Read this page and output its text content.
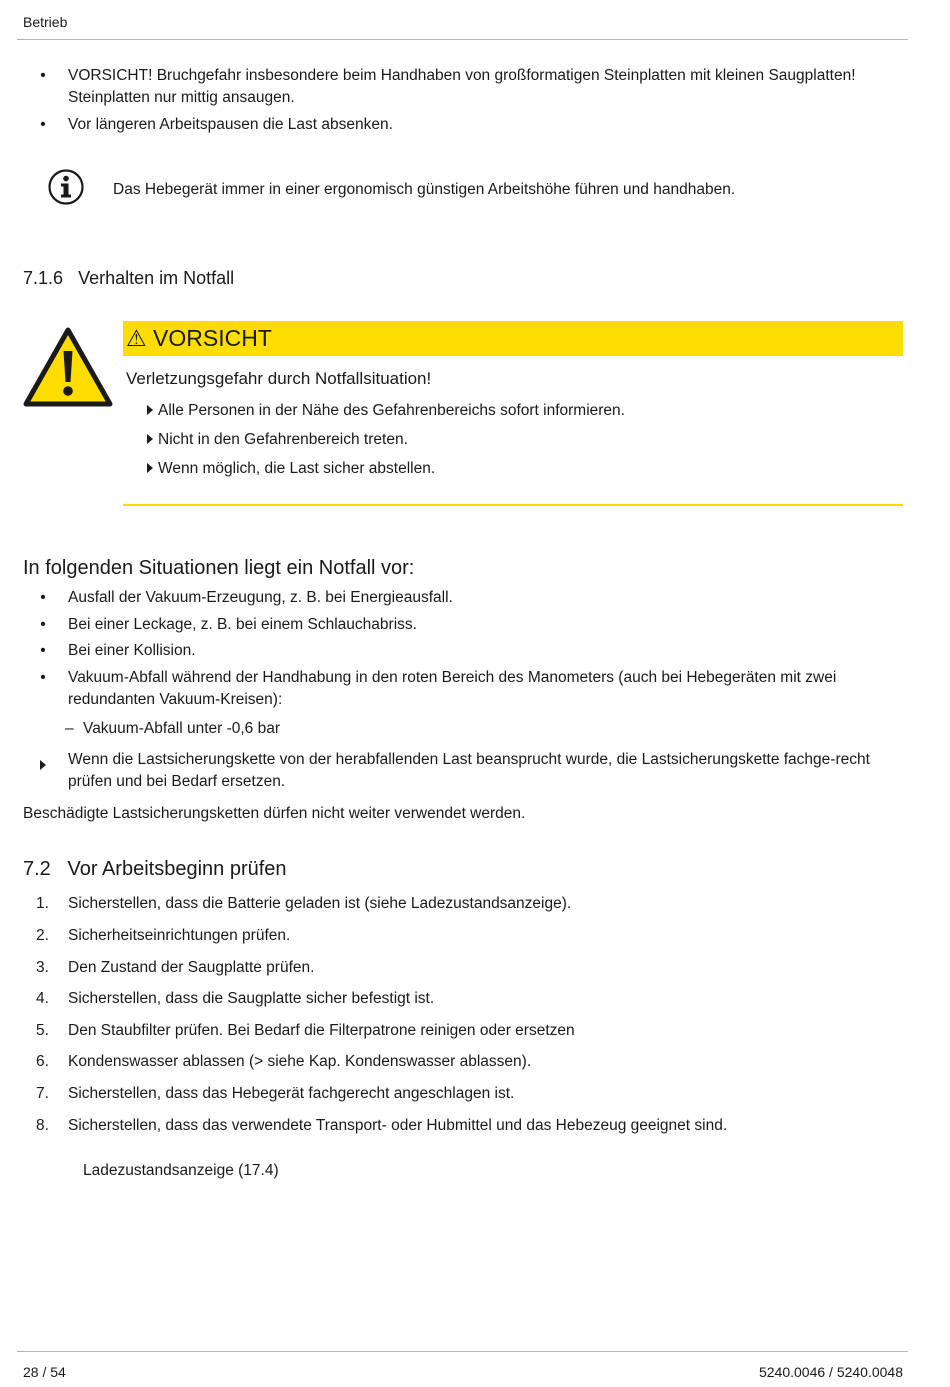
Betrieb
• VORSICHT! Bruchgefahr insbesondere beim Handhaben von großformatigen Steinplatten mit kleinen Saugplatten! Steinplatten nur mittig ansaugen.
• Vor längeren Arbeitspausen die Last absenken.
Das Hebegerät immer in einer ergonomisch günstigen Arbeitshöhe führen und handhaben.
7.1.6 Verhalten im Notfall
⚠ VORSICHT
Verletzungsgefahr durch Notfallsituation!
Alle Personen in der Nähe des Gefahrenbereichs sofort informieren.
Nicht in den Gefahrenbereich treten.
Wenn möglich, die Last sicher abstellen.
In folgenden Situationen liegt ein Notfall vor:
• Ausfall der Vakuum-Erzeugung, z. B. bei Energieausfall.
• Bei einer Leckage, z. B. bei einem Schlauchabriss.
• Bei einer Kollision.
• Vakuum-Abfall während der Handhabung in den roten Bereich des Manometers (auch bei Hebegeräten mit zwei redundanten Vakuum-Kreisen):
– Vakuum-Abfall unter -0,6 bar
Wenn die Lastsicherungskette von der herabfallenden Last beansprucht wurde, die Lastsicherungskette fachge-recht prüfen und bei Bedarf ersetzen.
Beschädigte Lastsicherungsketten dürfen nicht weiter verwendet werden.
7.2 Vor Arbeitsbeginn prüfen
1.	Sicherstellen, dass die Batterie geladen ist (siehe Ladezustandsanzeige).
2.	Sicherheitseinrichtungen prüfen.
3.	Den Zustand der Saugplatte prüfen.
4.	Sicherstellen, dass die Saugplatte sicher befestigt ist.
5.	Den Staubfilter prüfen. Bei Bedarf die Filterpatrone reinigen oder ersetzen
6.	Kondenswasser ablassen (> siehe Kap. Kondenswasser ablassen).
7.	Sicherstellen, dass das Hebegerät fachgerecht angeschlagen ist.
8.	Sicherstellen, dass das verwendete Transport- oder Hubmittel und das Hebezeug geeignet sind.
Ladezustandsanzeige (17.4)
28 / 54	5240.0046 / 5240.0048
